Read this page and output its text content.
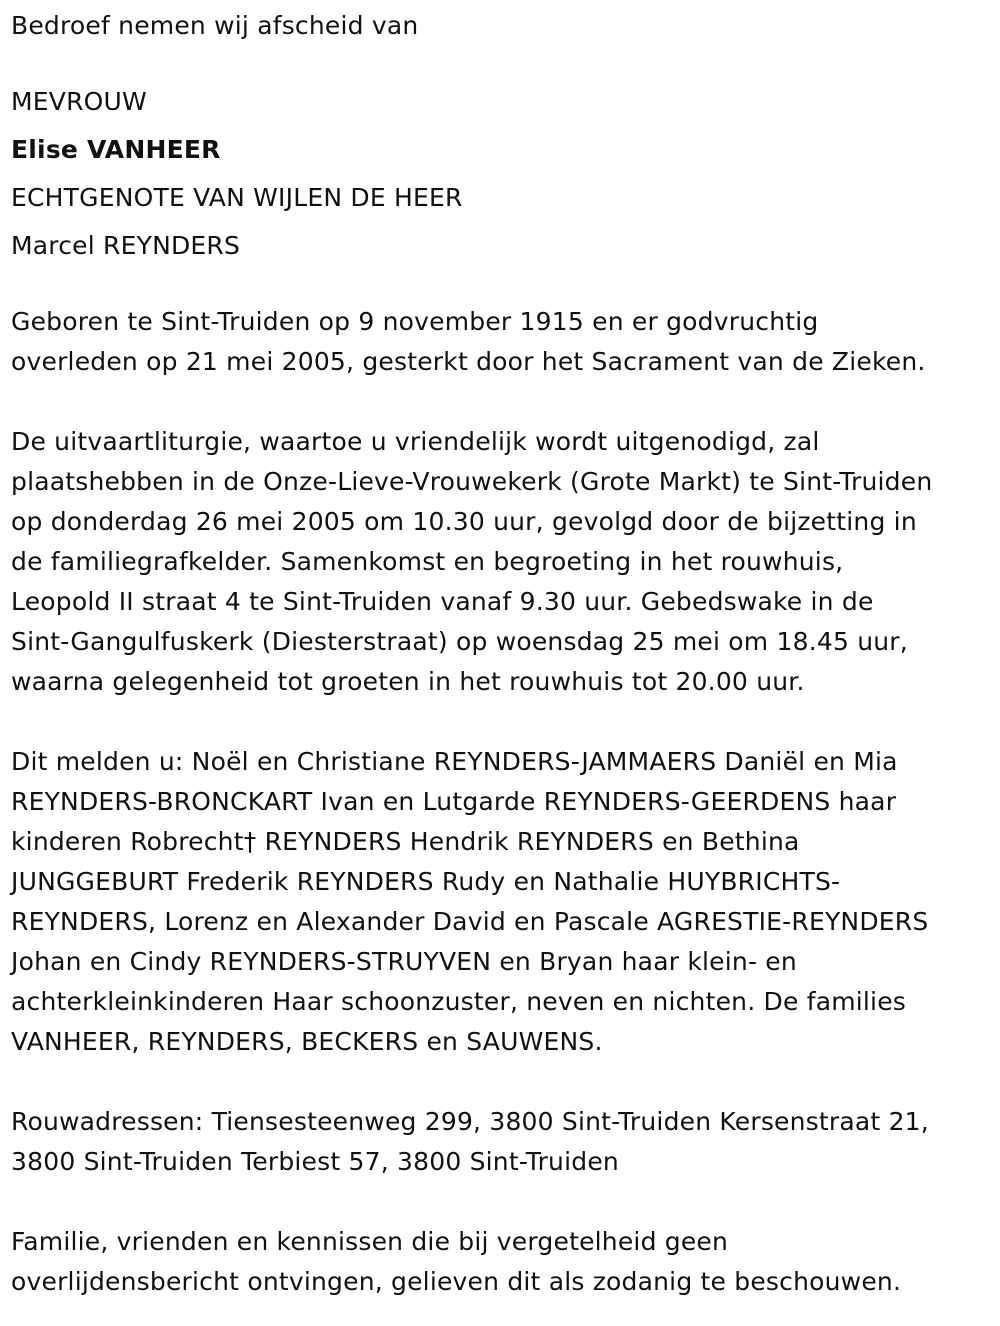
Bedroef nemen wij afscheid van
MEVROUW
Elise VANHEER
ECHTGENOTE VAN WIJLEN DE HEER
Marcel REYNDERS
Geboren te Sint-Truiden op 9 november 1915 en er godvruchtig
overleden op 21 mei 2005, gesterkt door het Sacrament van de Zieken.
De uitvaartliturgie, waartoe u vriendelijk wordt uitgenodigd, zal
plaatshebben in de Onze-Lieve-Vrouwekerk (Grote Markt) te Sint-Truiden
op donderdag 26 mei 2005 om 10.30 uur, gevolgd door de bijzetting in
de familiegrafkelder. Samenkomst en begroeting in het rouwhuis,
Leopold II straat 4 te Sint-Truiden vanaf 9.30 uur. Gebedswake in de
Sint-Gangulfuskerk (Diesterstraat) op woensdag 25 mei om 18.45 uur,
waarna gelegenheid tot groeten in het rouwhuis tot 20.00 uur.
Dit melden u: Noël en Christiane REYNDERS-JAMMAERS Daniël en Mia
REYNDERS-BRONCKART Ivan en Lutgarde REYNDERS-GEERDENS haar
kinderen Robrecht† REYNDERS Hendrik REYNDERS en Bethina
JUNGGEBURT Frederik REYNDERS Rudy en Nathalie HUYBRICHTS-
REYNDERS, Lorenz en Alexander David en Pascale AGRESTIE-REYNDERS
Johan en Cindy REYNDERS-STRUYVEN en Bryan haar klein- en
achterkleinkinderen Haar schoonzuster, neven en nichten. De families
VANHEER, REYNDERS, BECKERS en SAUWENS.
Rouwadressen: Tiensesteenweg 299, 3800 Sint-Truiden Kersenstraat 21,
3800 Sint-Truiden Terbiest 57, 3800 Sint-Truiden
Familie, vrienden en kennissen die bij vergetelheid geen
overlijdensbericht ontvingen, gelieven dit als zodanig te beschouwen.
